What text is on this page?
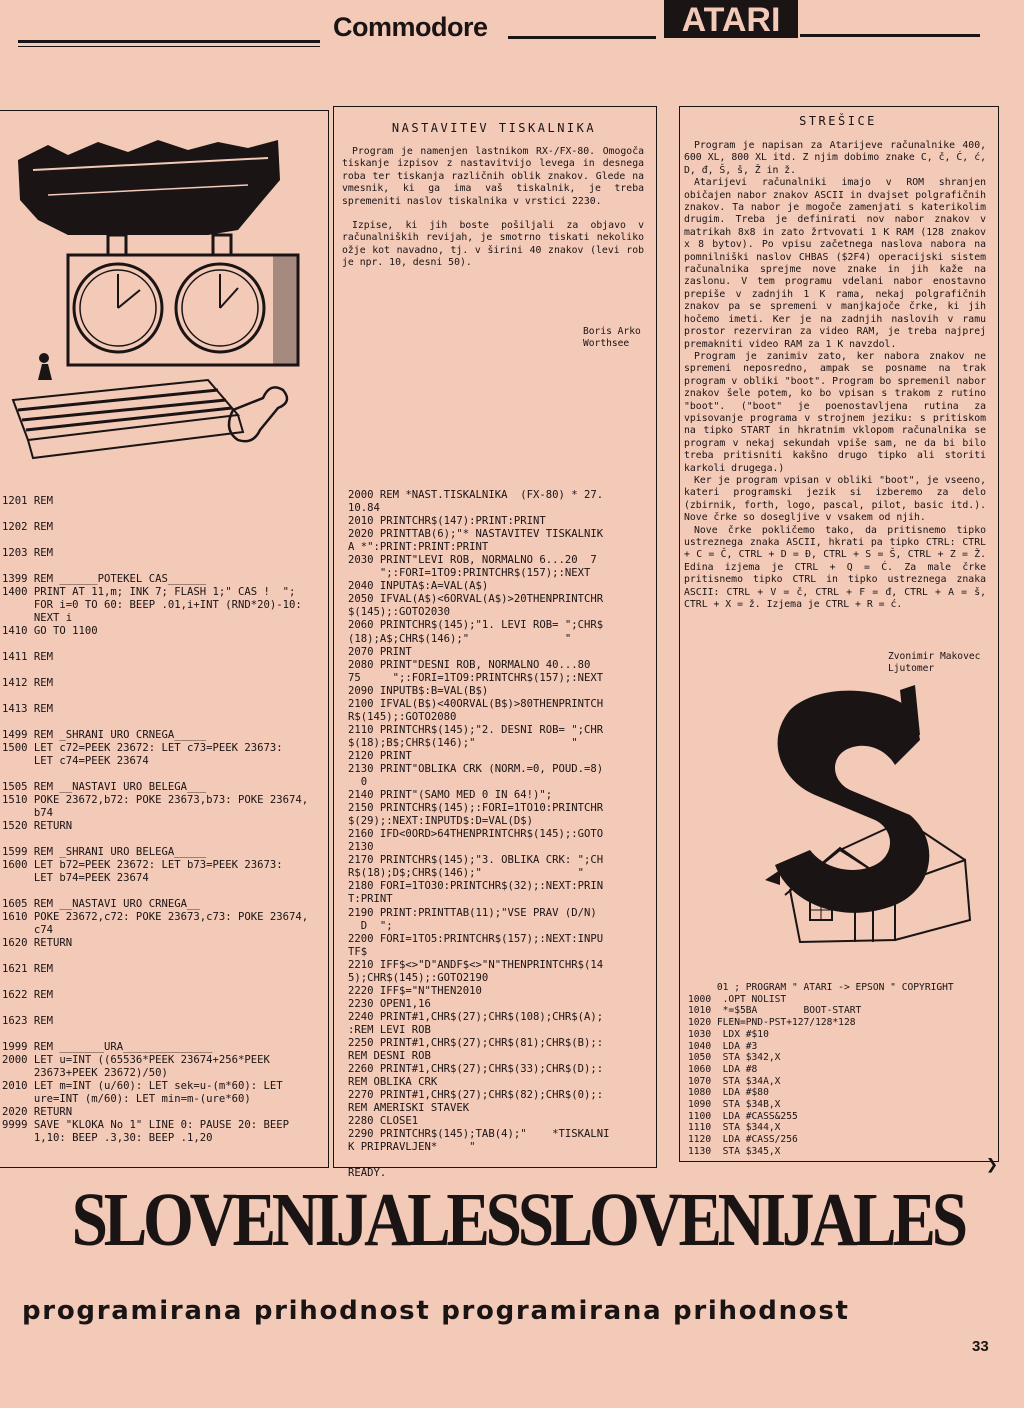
Commodore	ATARI
1201 REM

1202 REM

1203 REM

1399 REM ______POTEKEL CAS______
1400 PRINT AT 11,m; INK 7; FLASH 1;" CAS !  ";
FOR i=0 TO 60: BEEP .01,i+INT (RND*20)-10:
NEXT i
1410 GO TO 1100

1411 REM

1412 REM

1413 REM

1499 REM _SHRANI URO CRNEGA_____
1500 LET c72=PEEK 23672: LET c73=PEEK 23673:
LET c74=PEEK 23674

1505 REM __NASTAVI URO BELEGA___
1510 POKE 23672,b72: POKE 23673,b73: POKE 23674,
b74
1520 RETURN

1599 REM _SHRANI URO BELEGA_____
1600 LET b72=PEEK 23672: LET b73=PEEK 23673:
LET b74=PEEK 23674

1605 REM __NASTAVI URO CRNEGA__
1610 POKE 23672,c72: POKE 23673,c73: POKE 23674,
c74
1620 RETURN

1621 REM

1622 REM

1623 REM

1999 REM _______URA______________
2000 LET u=INT ((65536*PEEK 23674+256*PEEK
23673+PEEK 23672)/50)
2010 LET m=INT (u/60): LET sek=u-(m*60): LET
ure=INT (m/60): LET min=m-(ure*60)
2020 RETURN
9999 SAVE "KLOKA No 1" LINE 0: PAUSE 20: BEEP
1,10: BEEP .3,30: BEEP .1,20
NASTAVITEV TISKALNIKA

Program je namenjen lastnikom RX-/FX-80. Omogoča tiskanje izpisov z nastavitvijo levega in desnega roba ter tiskanja različnih oblik znakov. Glede na vmesnik, ki ga ima vaš tiskalnik, je treba spremeniti naslov tiskalnika v vrstici 2230.

Izpise, ki jih boste pošiljali za objavo v računalniških revijah, je smotrno tiskati nekoliko ožje kot navadno, tj. v širini 40 znakov (levi rob je npr. 10, desni 50).

Boris Arko
Worthsee
2000 REM *NAST.TISKALNIKA  (FX-80) * 27.
10.84
2010 PRINTCHR$(147):PRINT:PRINT
2020 PRINTTAB(6);"* NASTAVITEV TISKALNIK
A *":PRINT:PRINT:PRINT
2030 PRINT"LEVI ROB, NORMALNO 6...20  7
";:FORI=1TO9:PRINTCHR$(157);:NEXT
2040 INPUTA$:A=VAL(A$)
2050 IFVAL(A$)<6ORVAL(A$)>20THENPRINTCHR
$(145);:GOTO2030
2060 PRINTCHR$(145);"1. LEVI ROB= ";CHR$
(18);A$;CHR$(146);"               "
2070 PRINT
2080 PRINT"DESNI ROB, NORMALNO 40...80
75     ";:FORI=1TO9:PRINTCHR$(157);:NEXT
2090 INPUTB$:B=VAL(B$)
2100 IFVAL(B$)<40ORVAL(B$)>80THENPRINTCH
R$(145);:GOTO2080
2110 PRINTCHR$(145);"2. DESNI ROB= ";CHR
$(18);B$;CHR$(146);"               "
2120 PRINT
2130 PRINT"OBLIKA CRK (NORM.=0, POUD.=8)
0
2140 PRINT"(SAMO MED 0 IN 64!)";
2150 PRINTCHR$(145);:FORI=1TO10:PRINTCHR
$(29);:NEXT:INPUTD$:D=VAL(D$)
2160 IFD<0ORD>64THENPRINTCHR$(145);:GOTO
2130
2170 PRINTCHR$(145);"3. OBLIKA CRK: ";CH
R$(18);D$;CHR$(146);"               "
2180 FORI=1TO30:PRINTCHR$(32);:NEXT:PRIN
T:PRINT
2190 PRINT:PRINTTAB(11);"VSE PRAV (D/N)
D  ";
2200 FORI=1TO5:PRINTCHR$(157);:NEXT:INPU
TF$
2210 IFF$<>"D"ANDF$<>"N"THENPRINTCHR$(14
5);CHR$(145);:GOTO2190
2220 IFF$="N"THEN2010
2230 OPEN1,16
2240 PRINT#1,CHR$(27);CHR$(108);CHR$(A);
:REM LEVI ROB
2250 PRINT#1,CHR$(27);CHR$(81);CHR$(B);:
REM DESNI ROB
2260 PRINT#1,CHR$(27);CHR$(33);CHR$(D);:
REM OBLIKA CRK
2270 PRINT#1,CHR$(27);CHR$(82);CHR$(0);:
REM AMERISKI STAVEK
2280 CLOSE1
2290 PRINTCHR$(145);TAB(4);"    *TISKALNI
K PRIPRAVLJEN*     "

READY.
STREŠICE

Program je napisan za Atarijeve računalnike 400, 600 XL, 800 XL itd. Z njim dobimo znake C, č, Ć, ć, D, đ, Š, š, Ž in ž.

Atarijevi računalniki imajo v ROM shranjen običajen nabor znakov ASCII in dvajset polgrafičnih znakov. Ta nabor je mogoče zamenjati s katerikolim drugim. Treba je definirati nov nabor znakov v matrikah 8x8 in zato žrtvovati 1 K RAM (128 znakov x 8 bytov). Po vpisu začetnega naslova nabora na pomnilniški naslov CHBAS ($2F4) operacijski sistem računalnika sprejme nove znake in jih kaže na zaslonu. V tem programu vdelani nabor enostavno prepiše v zadnjih 1 K rama, nekaj polgrafičnih znakov pa se spremeni v manjkajoče črke, ki jih hočemo imeti. Ker je na zadnjih naslovih v ramu prostor rezerviran za video RAM, je treba najprej premakniti video RAM za 1 K navzdol.

Program je zanimiv zato, ker nabora znakov ne spremeni neposredno, ampak se posname na trak program v obliki "boot". Program bo spremenil nabor znakov šele potem, ko bo vpisan s trakom z rutino "boot". ("boot" je poenostavljena rutina za vpisovanje programa v strojnem jeziku: s pritiskom na tipko START in hkratnim vklopom računalnika se program v nekaj sekundah vpiše sam, ne da bi bilo treba pritisniti kakšno drugo tipko ali storiti karkoli drugega.)

Ker je program vpisan v obliki "boot", je vseeno, kateri programski jezik si izberemo za delo (zbirnik, forth, logo, pascal, pilot, basic itd.). Nove črke so dosegljive v vsakem od njih.

Nove črke pokličemo tako, da pritisnemo tipko ustreznega znaka ASCII, hkrati pa tipko CTRL: CTRL + C = Č, CTRL + D = Đ, CTRL + S = Š, CTRL + Z = Ž. Edina izjema je CTRL + Q = Ć. Za male črke pritisnemo tipko CTRL in tipko ustreznega znaka ASCII: CTRL + V = č, CTRL + F = đ, CTRL + A = š, CTRL + X = ž. Izjema je CTRL + R = ć.

Zvonimir Makovec
Ljutomer
01 ; PROGRAM " ATARI -> EPSON " COPYRIGHT
1000  .OPT NOLIST
1010  *=$5BA        BOOT-START
1020 FLEN=PND-PST+127/128*128
1030  LDX #$10
1040  LDA #3
1050  STA $342,X
1060  LDA #8
1070  STA $34A,X
1080  LDA #$80
1090  STA $34B,X
1100  LDA #CASS&255
1110  STA $344,X
1120  LDA #CASS/256
1130  STA $345,X
❯
SLOVENIJALESSLOVENIJALES
programirana prihodnost programirana prihodnost
33
